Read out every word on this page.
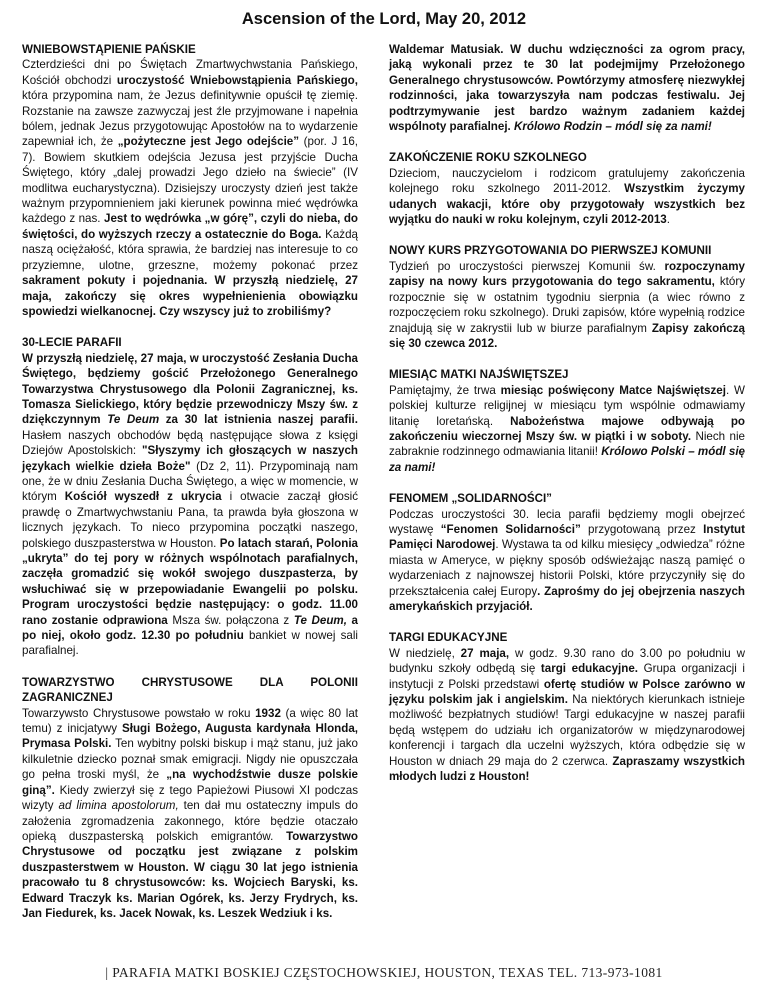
Ascension of the Lord, May 20, 2012
WNIEBOWSTĄPIENIE PAŃSKIE

Czterdzieści dni po Świętach Zmartwychwstania Pańskiego, Kościół obchodzi uroczystość Wniebowstąpienia Pańskiego, która przypomina nam, że Jezus definitywnie opuścił tę ziemię. Rozstanie na zawsze zazwyczaj jest źle przyjmowane i napełnia bólem, jednak Jezus przygotowując Apostołów na to wydarzenie zapewniał ich, że „pożyteczne jest Jego odejście” (por. J 16, 7). Bowiem skutkiem odejścia Jezusa jest przyjście Ducha Świętego, który „dalej prowadzi Jego dzieło na świecie” (IV modlitwa eucharystyczna). Dzisiejszy uroczysty dzień jest także ważnym przypomnieniem jaki kierunek powinna mieć wędrówka każdego z nas. Jest to wędrówka „w górę”, czyli do nieba, do świętości, do wyższych rzeczy a ostatecznie do Boga. Każdą naszą ociężałość, która sprawia, że bardziej nas interesuje to co przyziemne, ulotne, grzeszne, możemy pokonać przez sakrament pokuty i pojednania. W przyszłą niedzielę, 27 maja, zakończy się okres wypełnienienia obowiązku spowiedzi wielkanocnej. Czy wszyscy już to zrobiliśmy?

30-LECIE PARAFII

W przyszłą niedzielę, 27 maja, w uroczystość Zesłania Ducha Świętego, będziemy gościć Przełożonego Generalnego Towarzystwa Chrystusowego dla Polonii Zagranicznej, ks. Tomasza Sielickiego, który będzie przewodniczy Mszy św. z dziękczynnym Te Deum za 30 lat istnienia naszej parafii. Hasłem naszych obchodów będą następujące słowa z księgi Dziejów Apostolskich: "Słyszymy ich głoszących w naszych językach wielkie dzieła Boże" (Dz 2, 11). Przypominają nam one, że w dniu Zesłania Ducha Świętego, a więc w momencie, w którym Kościół wyszedł z ukrycia i otwacie zaczął głosić prawdę o Zmartwychwstaniu Pana, ta prawda była głoszona w licznych językach. To nieco przypomina początki naszego, polskiego duszpasterstwa w Houston. Po latach starań, Polonia „ukryta” do tej pory w różnych wspólnotach parafialnych, zaczęła gromadzić się wokół swojego duszpasterza, by wsłuchiwać się w przepowiadanie Ewangelii po polsku. Program uroczystości będzie następujący: o godz. 11.00 rano zostanie odprawiona Msza św. połączona z Te Deum, a po niej, około godz. 12.30 po południu bankiet w nowej sali parafialnej.

TOWARZYSTWO CHRYSTUSOWE DLA POLONII ZAGRANICZNEJ

Towarzywsto Chrystusowe powstało w roku 1932 (a więc 80 lat temu) z inicjatywy Sługi Bożego, Augusta kardynała Hlonda, Prymasa Polski. Ten wybitny polski biskup i mąż stanu, już jako kilkuletnie dziecko poznał smak emigracji. Nigdy nie opuszczała go pełna troski myśl, że „na wychodźstwie dusze polskie giną”. Kiedy zwierzył się z tego Papieżowi Piusowi XI podczas wizyty ad limina apostolorum, ten dał mu ostateczny impuls do założenia zgromadzenia zakonnego, które będzie otaczało opieką duszpasterską polskich emigrantów. Towarzystwo Chrystusowe od początku jest związane z polskim duszpasterstwem w Houston. W ciągu 30 lat jego istnienia pracowało tu 8 chrystusowców: ks. Wojciech Baryski, ks. Edward Traczyk ks. Marian Ogórek, ks. Jerzy Frydrych, ks. Jan Fiedurek, ks. Jacek Nowak, ks. Leszek Wedziuk i ks.

Waldemar Matusiak. W duchu wdzięczności za ogrom pracy, jaką wykonali przez te 30 lat podejmijmy Przełożonego Generalnego chrystusowców. Powtórzymy atmosferę niezwykłej rodzinności, jaka towarzyszyła nam podczas festiwalu. Jej podtrzymywanie jest bardzo ważnym zadaniem każdej wspólnoty parafialnej. Królowo Rodzin – módl się za nami!

ZAKOŃCZENIE ROKU SZKOLNEGO

Dzieciom, nauczycielom i rodzicom gratulujemy zakończenia kolejnego roku szkolnego 2011-2012. Wszystkim życzymy udanych wakacji, które oby przygotowały wszystkich bez wyjątku do nauki w roku kolejnym, czyli 2012-2013.

NOWY KURS PRZYGOTOWANIA DO PIERWSZEJ KOMUNII

Tydzień po uroczystości pierwszej Komunii św. rozpoczynamy zapisy na nowy kurs przygotowania do tego sakramentu, który rozpocznie się w ostatnim tygodniu sierpnia (a wiec równo z rozpoczęciem roku szkolnego). Druki zapisów, które wypełnią rodzice znajdują się w zakrystii lub w biurze parafialnym Zapisy zakończą się 30 czewca 2012.

MIESIĄC MATKI NAJŚWIĘTSZEJ

Pamiętajmy, że trwa miesiąc poświęcony Matce Najświętszej. W polskiej kulturze religijnej w miesiącu tym wspólnie odmawiamy litanię loretańską. Nabożeństwa majowe odbywają po zakończeniu wieczornej Mszy św. w piątki i w soboty. Niech nie zabraknie rodzinnego odmawiania litanii! Królowo Polski – módl się za nami!

FENOMEM „SOLIDARNOŚCI”

Podczas uroczystości 30. lecia parafii będziemy mogli obejrzeć wystawę “Fenomen Solidarności” przygotowaną przez Instytut Pamięci Narodowej. Wystawa ta od kilku miesięcy „odwiedza” różne miasta w Ameryce, w piękny sposób odświeżając naszą pamięć o wydarzeniach z najnowszej historii Polski, które przyczyniły się do przekształcenia całej Europy. Zaprośmy do jej obejrzenia naszych amerykańskich przyjaciół.

TARGI EDUKACYJNE

W niedzielę, 27 maja, w godz. 9.30 rano do 3.00 po południu w budynku szkoły odbędą się targi edukacyjne. Grupa organizacji i instytucji z Polski przedstawi ofertę studiów w Polsce zarówno w języku polskim jak i angielskim. Na niektórych kierunkach istnieje możliwość bezpłatnych studiów! Targi edukacyjne w naszej parafii będą wstępem do udziału ich organizatorów w międzynarodowej konferencji i targach dla uczelni wyższych, która odbędzie się w Houston w dniach 29 maja do 2 czerwca. Zapraszamy wszystkich młodych ludzi z Houston!

| PARAFIA MATKI BOSKIEJ CZĘSTOCHOWSKIEJ, HOUSTON, TEXAS TEL. 713-973-1081
